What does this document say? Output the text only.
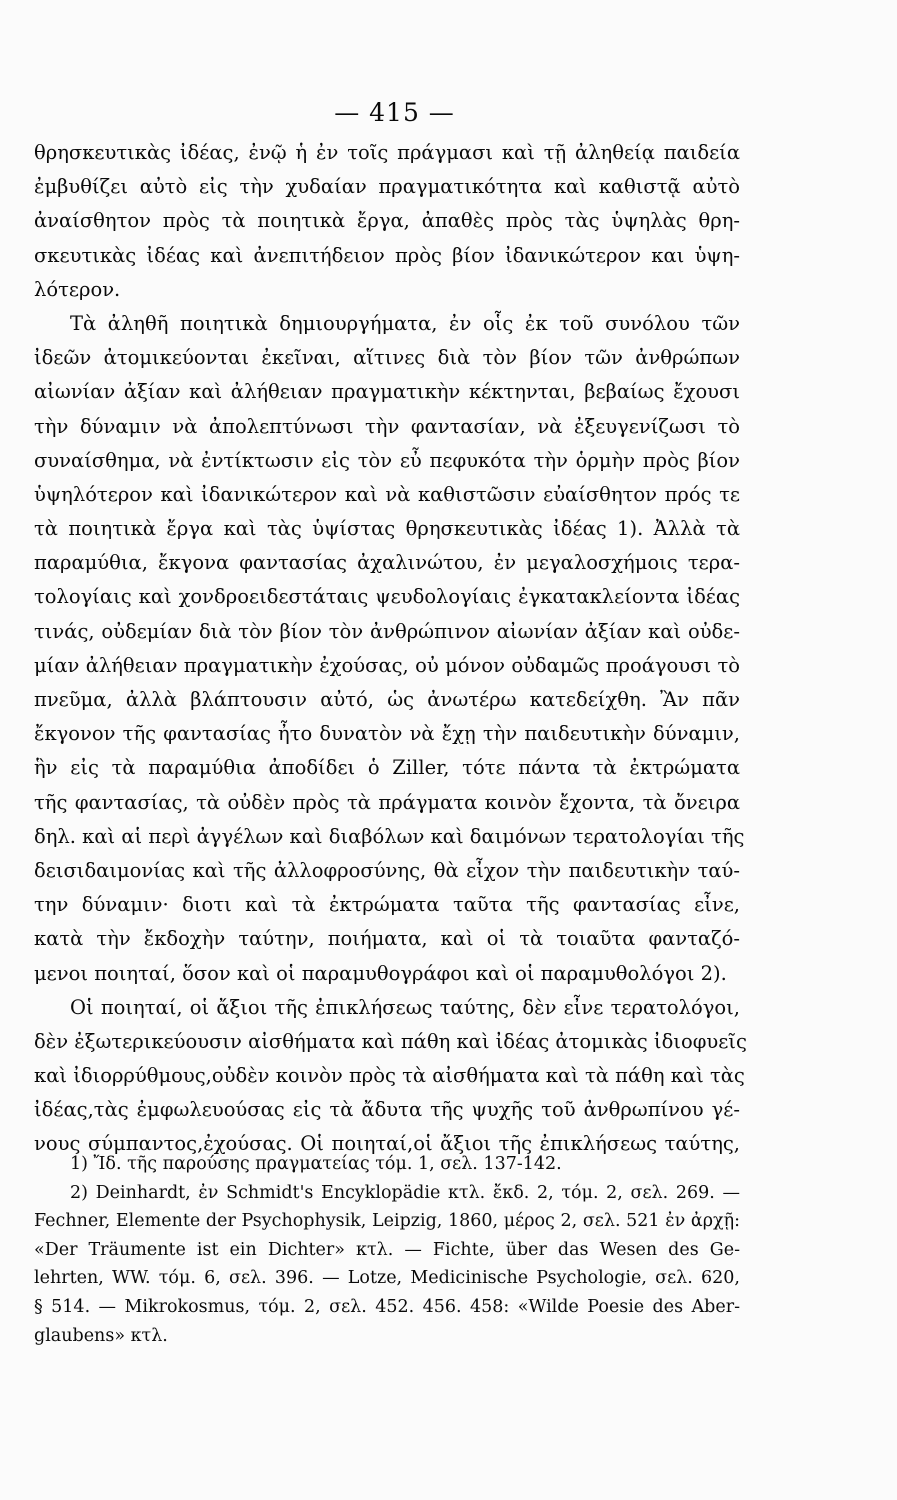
— 415 —
θρησκευτικὰς ἰδέας, ἐνῷ ἡ ἐν τοῖς πράγμασι καὶ τῇ ἀληθείᾳ παιδεία
ἐμβυθίζει αὐτὸ εἰς τὴν χυδαίαν πραγματικότητα καὶ καθιστᾷ αὐτὸ
ἀναίσθητον πρὸς τὰ ποιητικὰ ἔργα, ἀπαθὲς πρὸς τὰς ὑψηλὰς θρη-
σκευτικὰς ἰδέας καὶ ἀνεπιτήδειον πρὸς βίον ἰδανικώτερον και ὑψη-
λότερον.
Τὰ ἀληθῆ ποιητικὰ δημιουργήματα, ἐν οἷς ἐκ τοῦ συνόλου τῶν
ἰδεῶν ἀτομικεύονται ἐκεῖναι, αἵτινες διὰ τὸν βίον τῶν ἀνθρώπων
αἰωνίαν ἀξίαν καὶ ἀλήθειαν πραγματικὴν κέκτηνται, βεβαίως ἔχουσι
τὴν δύναμιν νὰ ἀπολεπτύνωσι τὴν φαντασίαν, νὰ ἐξευγενίζωσι τὸ
συναίσθημα, νὰ ἐντίκτωσιν εἰς τὸν εὖ πεφυκότα τὴν ὁρμὴν πρὸς βίον
ὑψηλότερον καὶ ἰδανικώτερον καὶ νὰ καθιστῶσιν εὐαίσθητον πρός τε
τὰ ποιητικὰ ἔργα καὶ τὰς ὑψίστας θρησκευτικὰς ἰδέας 1). Ἀλλὰ τὰ
παραμύθια, ἔκγονα φαντασίας ἀχαλινώτου, ἐν μεγαλοσχήμοις τερα-
τολογίαις καὶ χονδροειδεστάταις ψευδολογίαις ἐγκατακλείοντα ἰδέας
τινάς, οὐδεμίαν διὰ τὸν βίον τὸν ἀνθρώπινον αἰωνίαν ἀξίαν καὶ οὐδε-
μίαν ἀλήθειαν πραγματικὴν ἐχούσας, οὐ μόνον οὐδαμῶς προάγουσι τὸ
πνεῦμα, ἀλλὰ βλάπτουσιν αὐτό, ὡς ἀνωτέρω κατεδείχθη. Ἂν πᾶν
ἔκγονον τῆς φαντασίας ἦτο δυνατὸν νὰ ἔχῃ τὴν παιδευτικὴν δύναμιν,
ἣν εἰς τὰ παραμύθια ἀποδίδει ὁ Ziller, τότε πάντα τὰ ἐκτρώματα
τῆς φαντασίας, τὰ οὐδὲν πρὸς τὰ πράγματα κοινὸν ἔχοντα, τὰ ὄνειρα
δηλ. καὶ αἱ περὶ ἀγγέλων καὶ διαβόλων καὶ δαιμόνων τερατολογίαι τῆς
δεισιδαιμονίας καὶ τῆς ἀλλοφροσύνης, θὰ εἶχον τὴν παιδευτικὴν ταύ-
την δύναμιν· διοτι καὶ τὰ ἐκτρώματα ταῦτα τῆς φαντασίας εἶνε,
κατὰ τὴν ἔκδοχὴν ταύτην, ποιήματα, καὶ οἱ τὰ τοιαῦτα φανταζό-
μενοι ποιηταί, ὅσον καὶ οἱ παραμυθογράφοι καὶ οἱ παραμυθολόγοι 2).
Οἱ ποιηταί, οἱ ἄξιοι τῆς ἐπικλήσεως ταύτης, δὲν εἶνε τερατολόγοι,
δὲν ἐξωτερικεύουσιν αἰσθήματα καὶ πάθη καὶ ἰδέας ἀτομικὰς ἰδιοφυεῖς
καὶ ἰδιορρύθμους,οὐδὲν κοινὸν πρὸς τὰ αἰσθήματα καὶ τὰ πάθη καὶ τὰς
ἰδέας,τὰς ἐμφωλευούσας εἰς τὰ ἄδυτα τῆς ψυχῆς τοῦ ἀνθρωπίνου γέ-
νους σύμπαντος,ἐχούσας. Οἱ ποιηταί,οἱ ἄξιοι τῆς ἐπικλήσεως ταύτης,
1) Ἴδ. τῆς παρούσης πραγματείας τόμ. 1, σελ. 137-142.
2) Deinhardt, ἐν Schmidt's Encyklopädie κτλ. ἔκδ. 2, τόμ. 2, σελ. 269. —
Fechner, Elemente der Psychophysik, Leipzig, 1860, μέρος 2, σελ. 521 ἐν ἀρχῇ:
«Der Träumente ist ein Dichter» κτλ. — Fichte, über das Wesen des Ge-
lehrten, WW. τόμ. 6, σελ. 396. — Lotze, Medicinische Psychologie, σελ. 620,
§ 514. — Mikrokosmus, τόμ. 2, σελ. 452. 456. 458: «Wilde Poesie des Aber-
glaubens» κτλ.
